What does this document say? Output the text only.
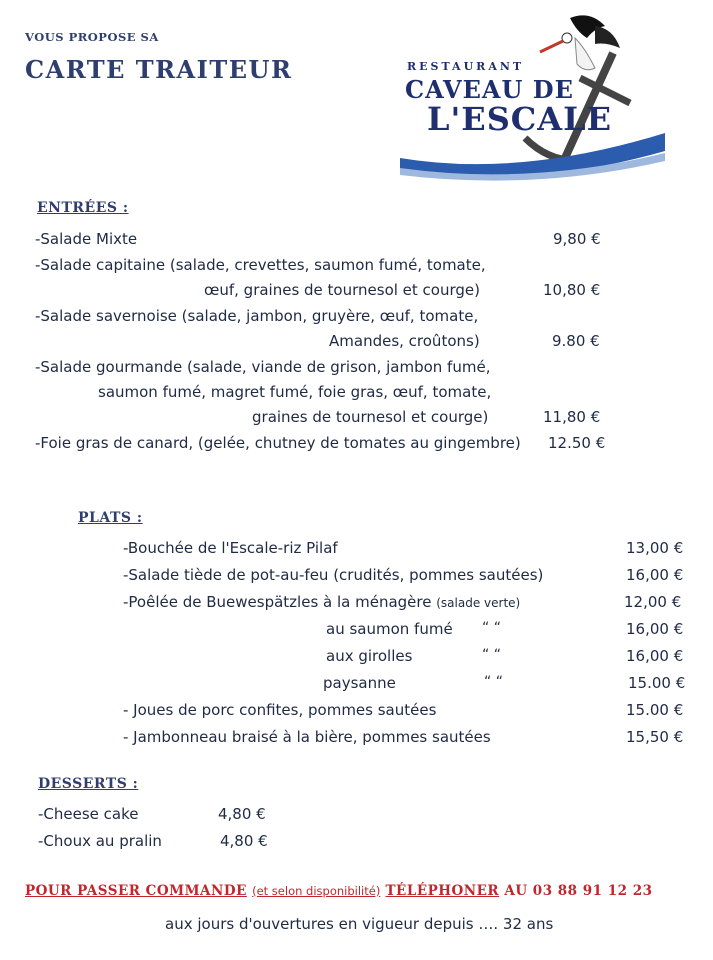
VOUS PROPOSE SA
CARTE TRAITEUR	RESTAURANT
CAVEAU DE
L'ESCALE
ENTRÉES :
-Salade Mixte	9,80 €
-Salade capitaine (salade, crevettes, saumon fumé, tomate,
œuf, graines de tournesol et courge)	10,80 €
-Salade savernoise (salade, jambon, gruyère, œuf, tomate,
Amandes, croûtons)	9.80 €
-Salade gourmande (salade, viande de grison, jambon fumé,
saumon fumé, magret fumé, foie gras, œuf, tomate,
graines de tournesol et courge)	11,80 €
-Foie gras de canard, (gelée, chutney de tomates au gingembre) 12.50 €
PLATS :
-Bouchée de l'Escale-riz Pilaf	13,00 €
-Salade tiède de pot-au-feu (crudités, pommes sautées)	16,00 €
-Poêlée de Buewespätzles à la ménagère (salade verte)	12,00 €
au saumon fumé “ “	16,00 €
aux girolles	“ “	16,00 €
paysanne	“ “	15.00 €
- Joues de porc confites, pommes sautées	15.00 €
- Jambonneau braisé à la bière, pommes sautées	15,50 €
DESSERTS :
-Cheese cake	4,80 €
-Choux au pralin	4,80 €
POUR PASSER COMMANDE (et selon disponibilité) TÉLÉPHONER AU 03 88 91 12 23
aux jours d'ouvertures en vigueur depuis …. 32 ans
